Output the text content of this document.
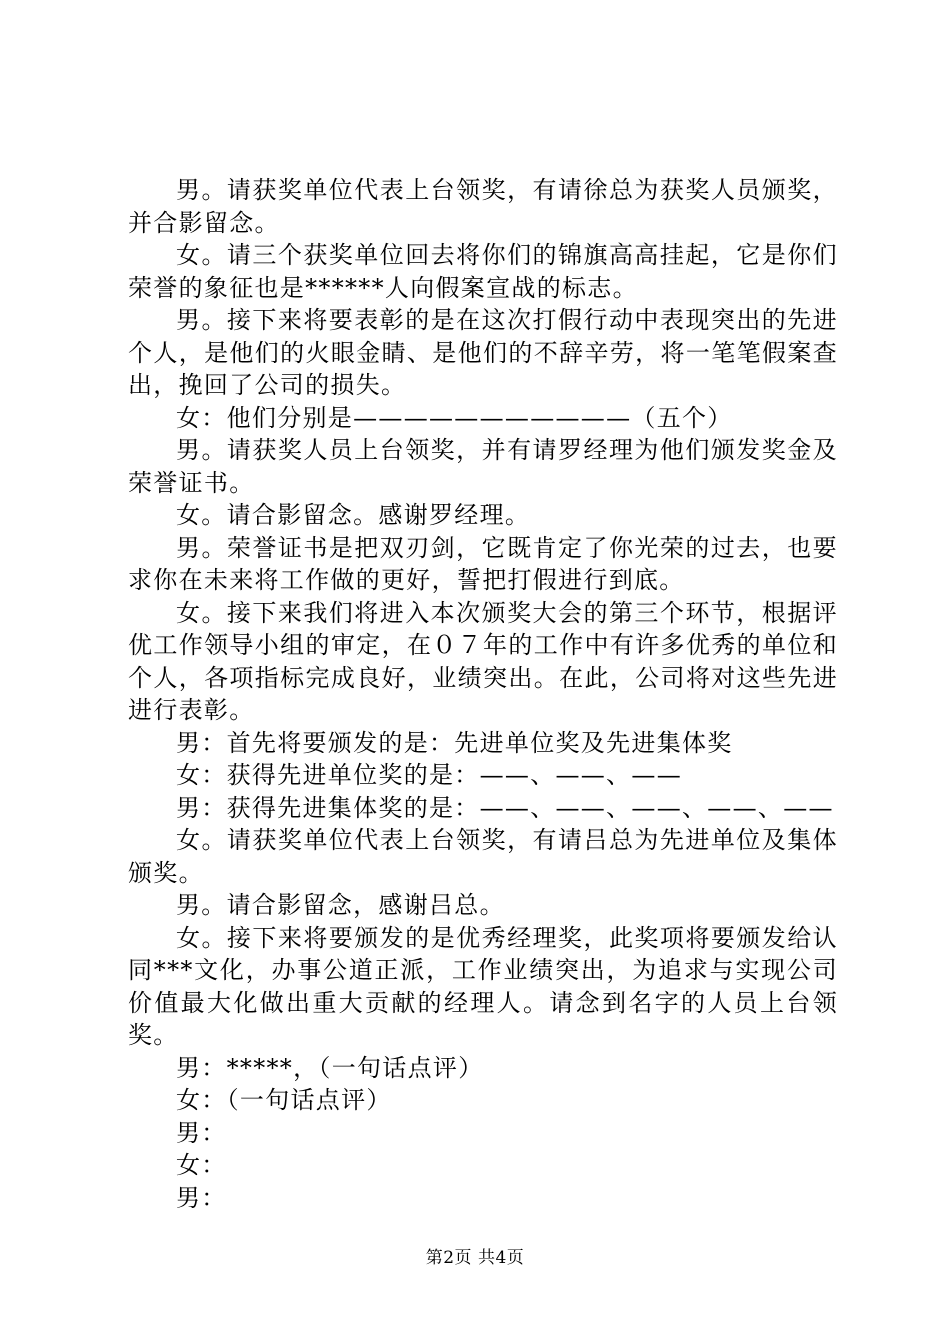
男。请获奖单位代表上台领奖，有请徐总为获奖人员颁奖，并合影留念。

女。请三个获奖单位回去将你们的锦旗高高挂起，它是你们荣誉的象征也是******人向假案宣战的标志。

男。接下来将要表彰的是在这次打假行动中表现突出的先进个人，是他们的火眼金睛、是他们的不辞辛劳，将一笔笔假案查出，挽回了公司的损失。

女：他们分别是———————————（五个）

男。请获奖人员上台领奖，并有请罗经理为他们颁发奖金及荣誉证书。

女。请合影留念。感谢罗经理。

男。荣誉证书是把双刃剑，它既肯定了你光荣的过去，也要求你在未来将工作做的更好，誓把打假进行到底。

女。接下来我们将进入本次颁奖大会的第三个环节，根据评优工作领导小组的审定，在０７年的工作中有许多优秀的单位和个人，各项指标完成良好，业绩突出。在此，公司将对这些先进进行表彰。

男：首先将要颁发的是：先进单位奖及先进集体奖

女：获得先进单位奖的是：——、——、——

男：获得先进集体奖的是：——、——、——、——、——

女。请获奖单位代表上台领奖，有请吕总为先进单位及集体颁奖。

男。请合影留念，感谢吕总。

女。接下来将要颁发的是优秀经理奖，此奖项将要颁发给认同***文化，办事公道正派，工作业绩突出，为追求与实现公司价值最大化做出重大贡献的经理人。请念到名字的人员上台领奖。

男：*****，（一句话点评）

女：（一句话点评）

男：

女：

男：

第2页 共4页
